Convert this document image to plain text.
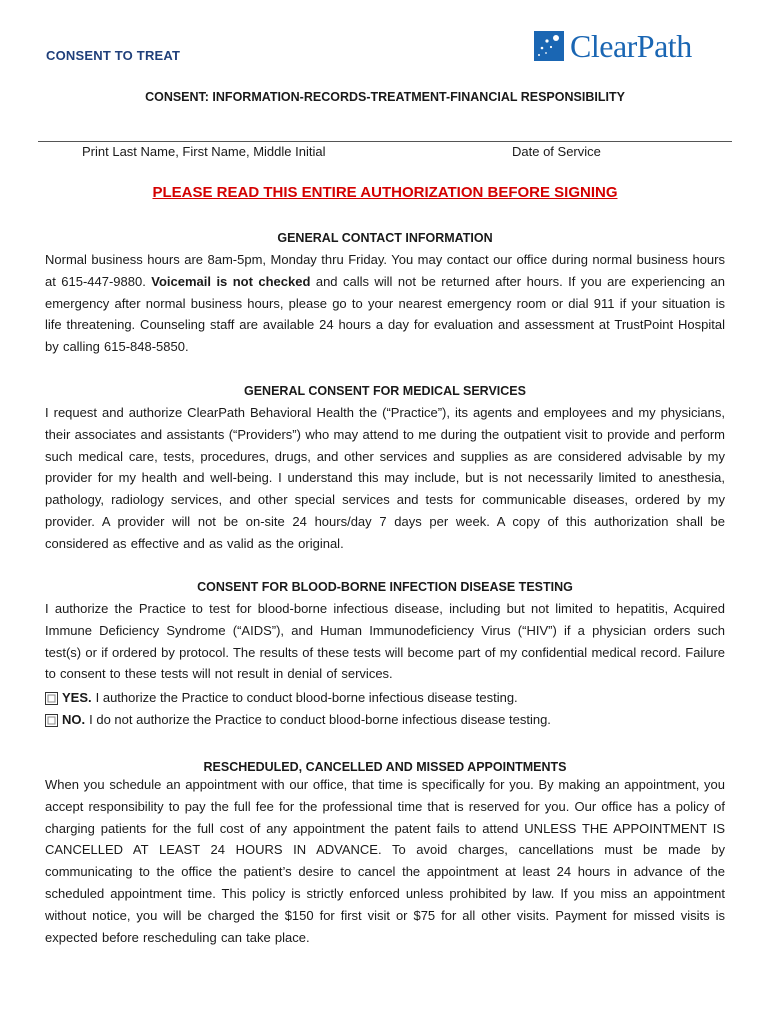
CONSENT TO TREAT	ClearPath
CONSENT: INFORMATION-RECORDS-TREATMENT-FINANCIAL RESPONSIBILITY
Print Last Name, First Name, Middle Initial	Date of Service
PLEASE READ THIS ENTIRE AUTHORIZATION BEFORE SIGNING
GENERAL CONTACT INFORMATION
Normal business hours are 8am-5pm, Monday thru Friday. You may contact our office during normal business hours at 615-447-9880. Voicemail is not checked and calls will not be returned after hours. If you are experiencing an emergency after normal business hours, please go to your nearest emergency room or dial 911 if your situation is life threatening. Counseling staff are available 24 hours a day for evaluation and assessment at TrustPoint Hospital by calling 615-848-5850.
GENERAL CONSENT FOR MEDICAL SERVICES
I request and authorize ClearPath Behavioral Health the (“Practice”), its agents and employees and my physicians, their associates and assistants (“Providers”) who may attend to me during the outpatient visit to provide and perform such medical care, tests, procedures, drugs, and other services and supplies as are considered advisable by my provider for my health and well-being. I understand this may include, but is not necessarily limited to anesthesia, pathology, radiology services, and other special services and tests for communicable diseases, ordered by my provider. A provider will not be on-site 24 hours/day 7 days per week. A copy of this authorization shall be considered as effective and as valid as the original.
CONSENT FOR BLOOD-BORNE INFECTION DISEASE TESTING
I authorize the Practice to test for blood-borne infectious disease, including but not limited to hepatitis, Acquired Immune Deficiency Syndrome (“AIDS”), and Human Immunodeficiency Virus (“HIV”) if a physician orders such test(s) or if ordered by protocol. The results of these tests will become part of my confidential medical record. Failure to consent to these tests will not result in denial of services.
YES. I authorize the Practice to conduct blood-borne infectious disease testing.
NO. I do not authorize the Practice to conduct blood-borne infectious disease testing.
RESCHEDULED, CANCELLED AND MISSED APPOINTMENTS
When you schedule an appointment with our office, that time is specifically for you. By making an appointment, you accept responsibility to pay the full fee for the professional time that is reserved for you. Our office has a policy of charging patients for the full cost of any appointment the patent fails to attend UNLESS THE APPOINTMENT IS CANCELLED AT LEAST 24 HOURS IN ADVANCE. To avoid charges, cancellations must be made by communicating to the office the patient’s desire to cancel the appointment at least 24 hours in advance of the scheduled appointment time. This policy is strictly enforced unless prohibited by law. If you miss an appointment without notice, you will be charged the $150 for first visit or $75 for all other visits. Payment for missed visits is expected before rescheduling can take place.
